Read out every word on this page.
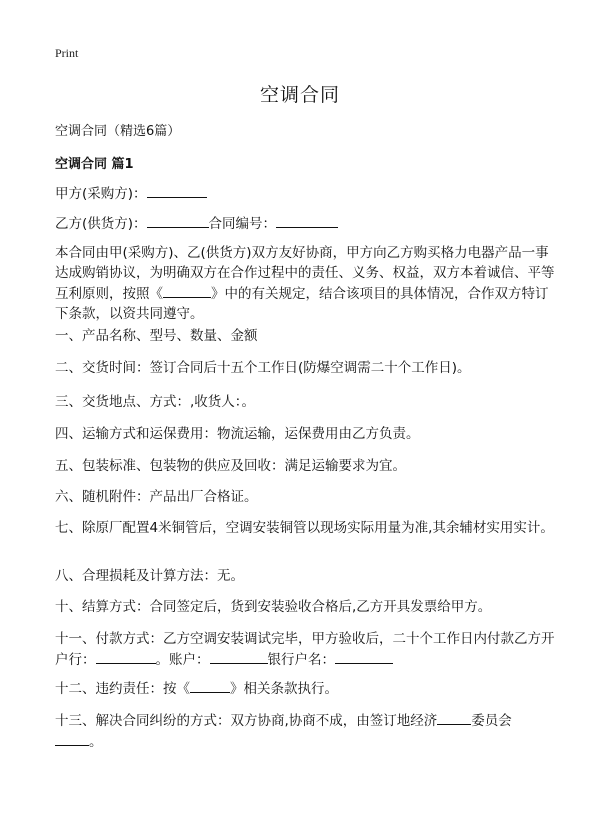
Print
空调合同
空调合同（精选6篇）
空调合同 篇1

甲方(采购方)：

乙方(供货方)：	合同编号：

本合同由甲(采购方)、乙(供货方)双方友好协商，甲方向乙方购买格力电器产品一事达成购销协议，为明确双方在合作过程中的责任、义务、权益，双方本着诚信、平等互利原则，按照《	》中的有关规定，结合该项目的具体情况，合作双方特订下条款，以资共同遵守。

一、产品名称、型号、数量、金额

二、交货时间：签订合同后十五个工作日(防爆空调需二十个工作日)。

三、交货地点、方式：,收货人：。

四、运输方式和运保费用：物流运输，运保费用由乙方负责。

五、包装标准、包装物的供应及回收：满足运输要求为宜。

六、随机附件：产品出厂合格证。

七、除原厂配置4米铜管后，空调安装铜管以现场实际用量为准,其余辅材实用实计。

八、合理损耗及计算方法：无。

十、结算方式：合同签定后，货到安装验收合格后,乙方开具发票给甲方。

十一、付款方式：乙方空调安装调试完毕，甲方验收后，二十个工作日内付款乙方开户行：	。账户：	银行户名：

十二、违约责任：按《	》相关条款执行。

十三、解决合同纠纷的方式：双方协商,协商不成，由签订地经济	委员会
。
